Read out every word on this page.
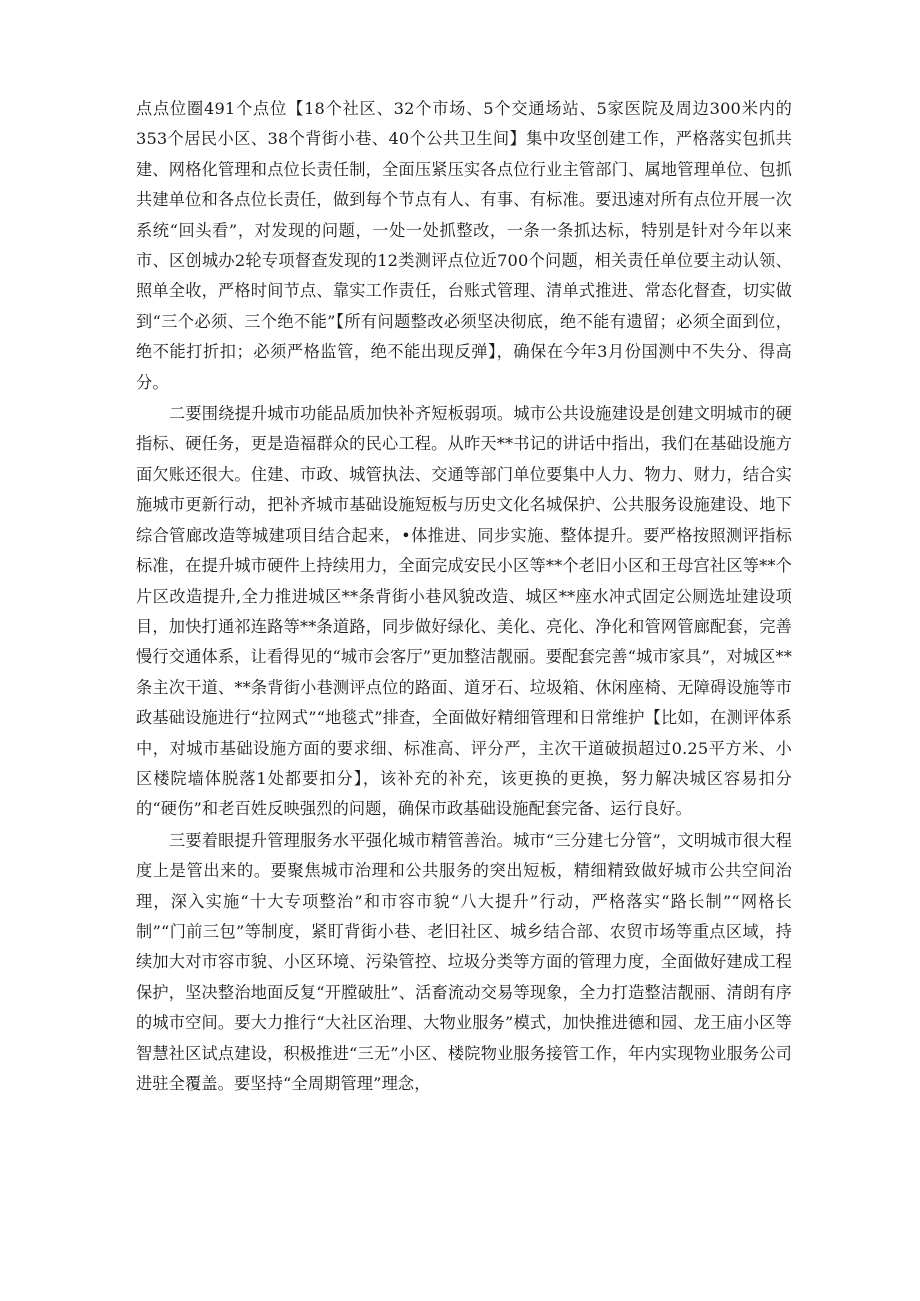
点点位圈491个点位【18个社区、32个市场、5个交通场站、5家医院及周边300米内的353个居民小区、38个背街小巷、40个公共卫生间】集中攻坚创建工作，严格落实包抓共建、网格化管理和点位长责任制，全面压紧压实各点位行业主管部门、属地管理单位、包抓共建单位和各点位长责任，做到每个节点有人、有事、有标准。要迅速对所有点位开展一次系统“回头看”，对发现的问题，一处一处抓整改，一条一条抓达标，特别是针对今年以来市、区创城办2轮专项督查发现的12类测评点位近700个问题，相关责任单位要主动认领、照单全收，严格时间节点、靠实工作责任，台账式管理、清单式推进、常态化督查，切实做到“三个必须、三个绝不能”【所有问题整改必须坚决彻底，绝不能有遗留；必须全面到位，绝不能打折扣；必须严格监管，绝不能出现反弹】，确保在今年3月份国测中不失分、得高分。

二要围绕提升城市功能品质加快补齐短板弱项。城市公共设施建设是创建文明城市的硬指标、硬任务，更是造福群众的民心工程。从昨天**书记的讲话中指出，我们在基础设施方面欠账还很大。住建、市政、城管执法、交通等部门单位要集中人力、物力、财力，结合实施城市更新行动，把补齐城市基础设施短板与历史文化名城保护、公共服务设施建设、地下综合管廊改造等城建项目结合起来，•体推进、同步实施、整体提升。要严格按照测评指标标准，在提升城市硬件上持续用力，全面完成安民小区等**个老旧小区和王母宫社区等**个片区改造提升,全力推进城区**条背街小巷风貌改造、城区**座水冲式固定公厕选址建设项目，加快打通祁连路等**条道路，同步做好绿化、美化、亮化、净化和管网管廊配套，完善慢行交通体系，让看得见的“城市会客厅”更加整洁靓丽。要配套完善“城市家具”，对城区**条主次干道、**条背街小巷测评点位的路面、道牙石、垃圾箱、休闲座椅、无障碍设施等市政基础设施进行“拉网式”“地毯式”排查，全面做好精细管理和日常维护【比如，在测评体系中，对城市基础设施方面的要求细、标准高、评分严，主次干道破损超过0.25平方米、小区楼院墙体脱落1处都要扣分】，该补充的补充，该更换的更换，努力解决城区容易扣分的“硬伤”和老百姓反映强烈的问题，确保市政基础设施配套完备、运行良好。

三要着眼提升管理服务水平强化城市精管善治。城市“三分建七分管”，文明城市很大程度上是管出来的。要聚焦城市治理和公共服务的突出短板，精细精致做好城市公共空间治理，深入实施“十大专项整治”和市容市貌“八大提升”行动，严格落实“路长制”“网格长制”“门前三包”等制度，紧盯背街小巷、老旧社区、城乡结合部、农贸市场等重点区域，持续加大对市容市貌、小区环境、污染管控、垃圾分类等方面的管理力度，全面做好建成工程保护，坚决整治地面反复“开膛破肚”、活畜流动交易等现象，全力打造整洁靓丽、清朗有序的城市空间。要大力推行“大社区治理、大物业服务”模式，加快推进德和园、龙王庙小区等智慧社区试点建设，积极推进“三无”小区、楼院物业服务接管工作，年内实现物业服务公司进驻全覆盖。要坚持“全周期管理”理念，
